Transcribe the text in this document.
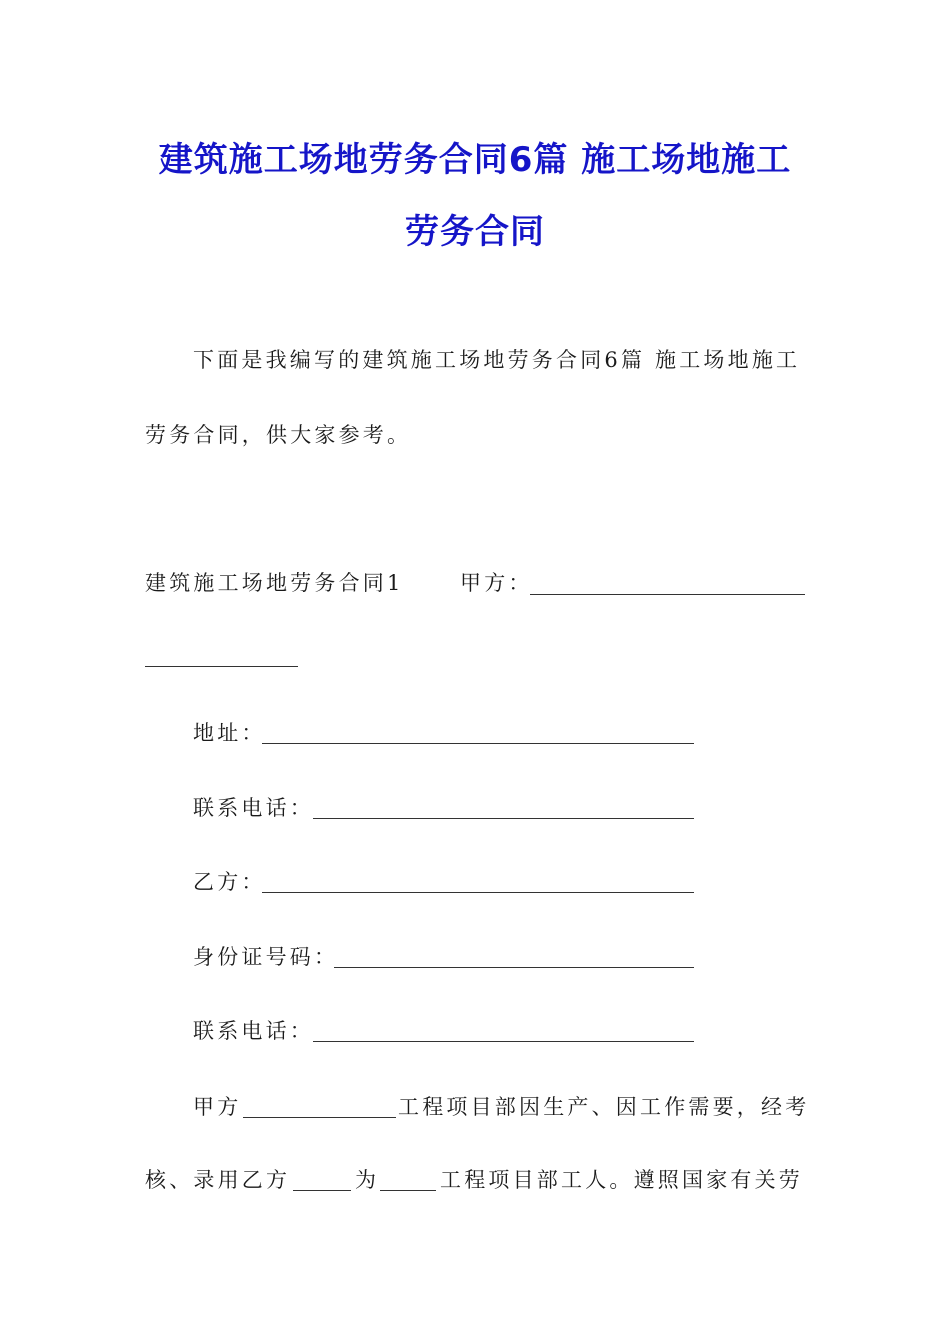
建筑施工场地劳务合同6篇 施工场地施工
劳务合同
下面是我编写的建筑施工场地劳务合同6篇 施工场地施工
劳务合同，供大家参考。
建筑施工场地劳务合同1	甲方：
地址：
联系电话：
乙方：
身份证号码：
联系电话：
甲方	工程项目部因生产、因工作需要，经考
核、录用乙方	为	工程项目部工人。遵照国家有关劳
